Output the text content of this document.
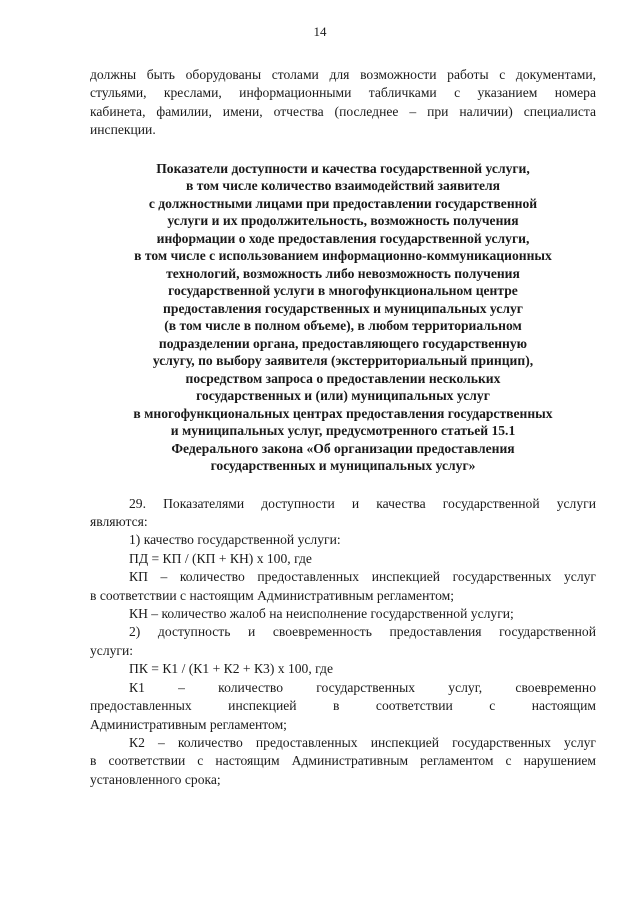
14
должны быть оборудованы столами для возможности работы с документами,
стульями, креслами, информационными табличками с указанием номера
кабинета, фамилии, имени, отчества (последнее – при наличии) специалиста
инспекции.
Показатели доступности и качества государственной услуги,
в том числе количество взаимодействий заявителя
с должностными лицами при предоставлении государственной
услуги и их продолжительность, возможность получения
информации о ходе предоставления государственной услуги,
в том числе с использованием информационно-коммуникационных
технологий, возможность либо невозможность получения
государственной услуги в многофункциональном центре
предоставления государственных и муниципальных услуг
(в том числе в полном объеме), в любом территориальном
подразделении органа, предоставляющего государственную
услугу, по выбору заявителя (экстерриториальный принцип),
посредством запроса о предоставлении нескольких
государственных и (или) муниципальных услуг
в многофункциональных центрах предоставления государственных
и муниципальных услуг, предусмотренного статьей 15.1
Федерального закона «Об организации предоставления
государственных и муниципальных услуг»
29. Показателями доступности и качества государственной услуги
являются:
1) качество государственной услуги:
ПД = КП / (КП + КН) х 100, где
КП – количество предоставленных инспекцией государственных услуг
в соответствии с настоящим Административным регламентом;
КН – количество жалоб на неисполнение государственной услуги;
2) доступность и своевременность предоставления государственной
услуги:
ПК = К1 / (К1 + К2 + К3) х 100, где
К1 – количество государственных услуг, своевременно
предоставленных инспекцией в соответствии с настоящим
Административным регламентом;
К2 – количество предоставленных инспекцией государственных услуг
в соответствии с настоящим Административным регламентом с нарушением
установленного срока;
